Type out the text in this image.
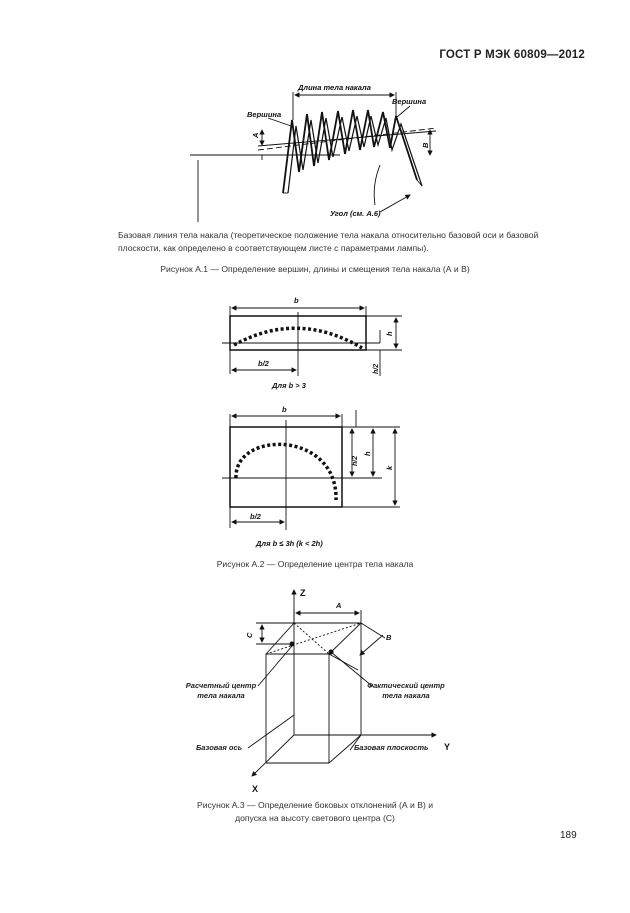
ГОСТ Р МЭК 60809—2012
Длина тела накала
Вершина
Вершина
A
B
Угол (см. А.6)
Базовая линия тела накала (теоретическое положение тела накала относительно базовой оси и базовой плоскости, как определено в соответствующем листе с параметрами лампы).
Рисунок А.1 — Определение вершин, длины и смещения тела накала (А и В)
b
h
b/2
h/2
Для b > 3
b
h/2
h
k
b/2
Для b ≤ 3h (k < 2h)
Рисунок А.2 — Определение центра тела накала
Z
Y
X
A
C	B
Расчетный центр тела накала
Фактический центр тела накала
Базовая ось	Базовая плоскость
Рисунок А.3 — Определение боковых отклонений (А и В) и
допуска на высоту светового центра (С)
189
